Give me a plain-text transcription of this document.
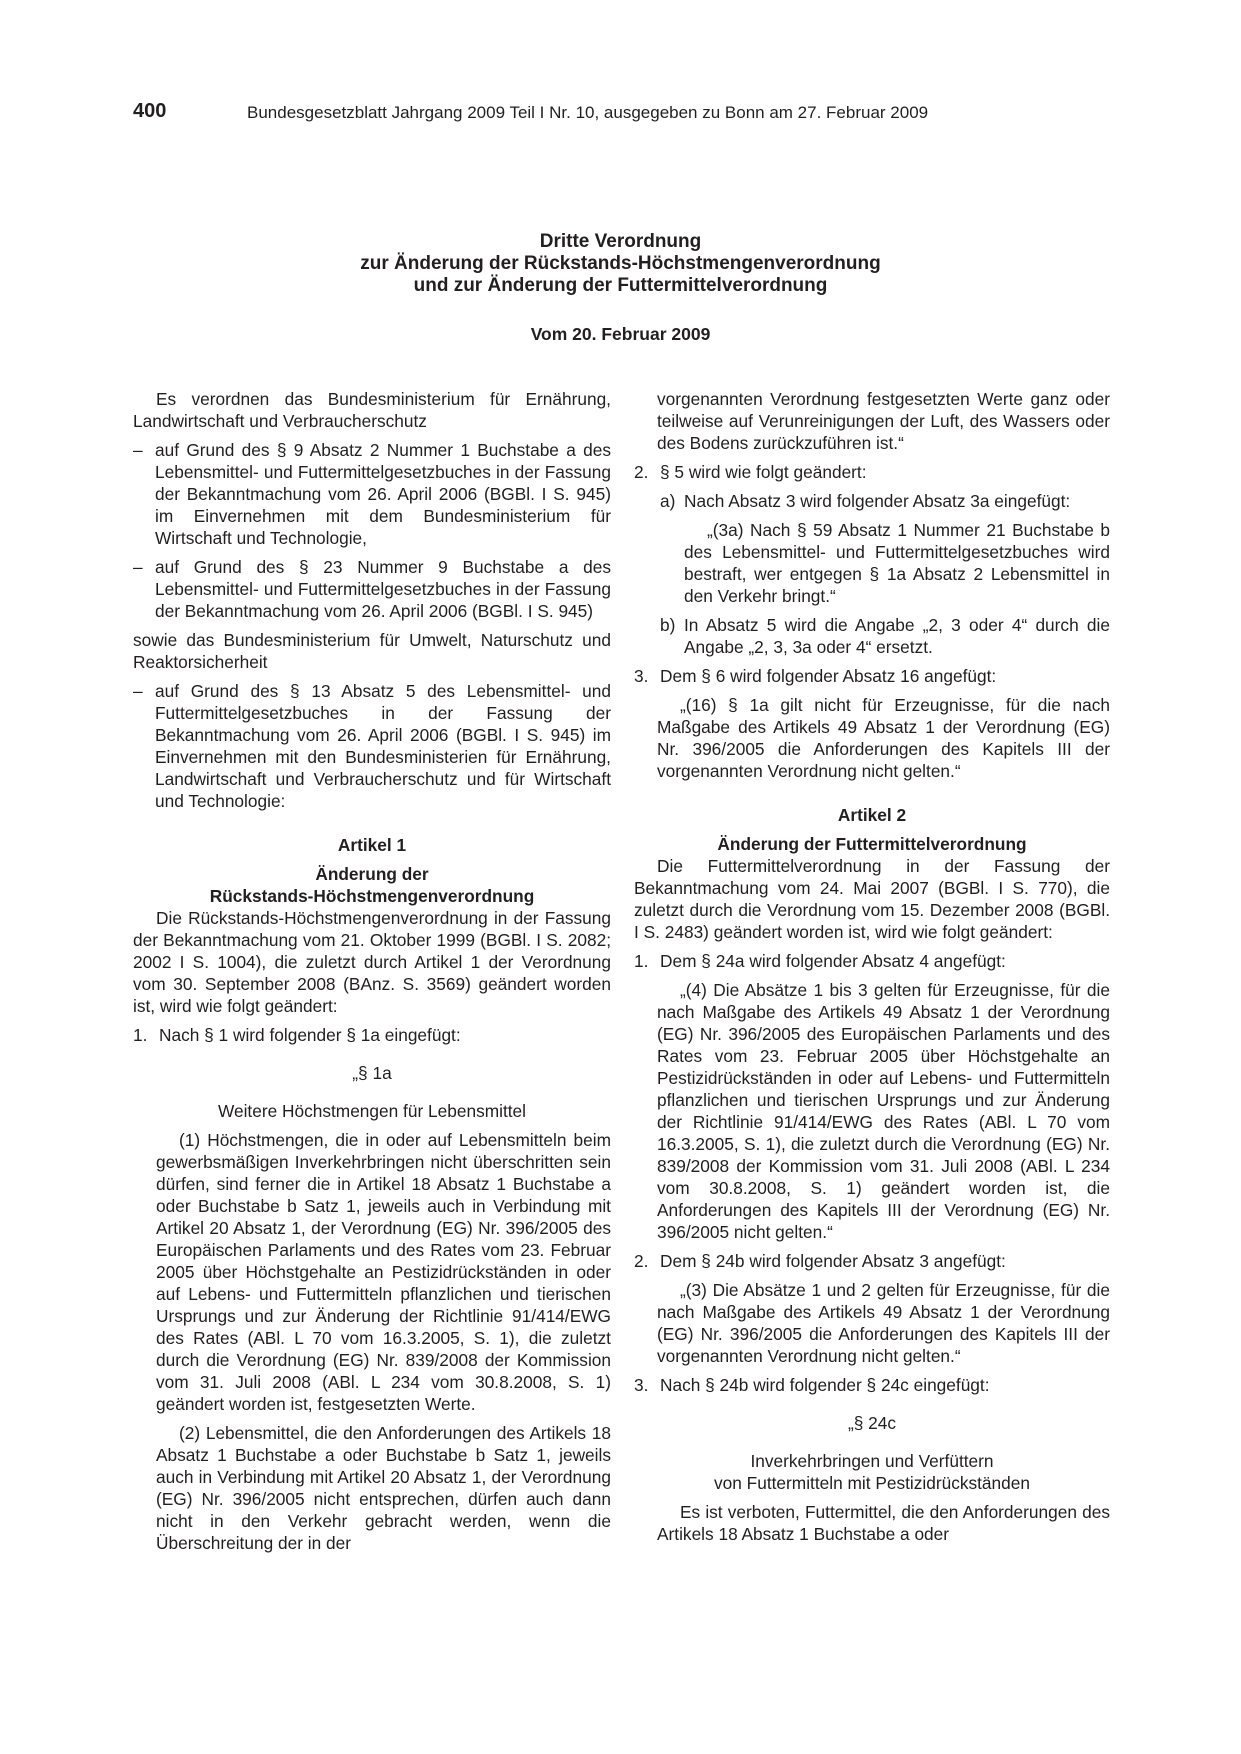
400	Bundesgesetzblatt Jahrgang 2009 Teil I Nr. 10, ausgegeben zu Bonn am 27. Februar 2009
Dritte Verordnung
zur Änderung der Rückstands-Höchstmengenverordnung
und zur Änderung der Futtermittelverordnung
Vom 20. Februar 2009

Es verordnen das Bundesministerium für Ernährung, Landwirtschaft und Verbraucherschutz

– auf Grund des § 9 Absatz 2 Nummer 1 Buchstabe a des Lebensmittel- und Futtermittelgesetzbuches in der Fassung der Bekanntmachung vom 26. April 2006 (BGBl. I S. 945) im Einvernehmen mit dem Bundesministerium für Wirtschaft und Technologie,
– auf Grund des § 23 Nummer 9 Buchstabe a des Lebensmittel- und Futtermittelgesetzbuches in der Fassung der Bekanntmachung vom 26. April 2006 (BGBl. I S. 945)

sowie das Bundesministerium für Umwelt, Naturschutz und Reaktorsicherheit

– auf Grund des § 13 Absatz 5 des Lebensmittel- und Futtermittelgesetzbuches in der Fassung der Bekanntmachung vom 26. April 2006 (BGBl. I S. 945) im Einvernehmen mit den Bundesministerien für Ernährung, Landwirtschaft und Verbraucherschutz und für Wirtschaft und Technologie:

Artikel 1

Änderung der

Rückstands-Höchstmengenverordnung

Die Rückstands-Höchstmengenverordnung in der Fassung der Bekanntmachung vom 21. Oktober 1999 (BGBl. I S. 2082; 2002 I S. 1004), die zuletzt durch Artikel 1 der Verordnung vom 30. September 2008 (BAnz. S. 3569) geändert worden ist, wird wie folgt geändert:

1. Nach § 1 wird folgender § 1a eingefügt:

„§ 1a

Weitere Höchstmengen für Lebensmittel

(1) Höchstmengen, die in oder auf Lebensmitteln beim gewerbsmäßigen Inverkehrbringen nicht überschritten sein dürfen, sind ferner die in Artikel 18 Absatz 1 Buchstabe a oder Buchstabe b Satz 1, jeweils auch in Verbindung mit Artikel 20 Absatz 1, der Verordnung (EG) Nr. 396/2005 des Europäischen Parlaments und des Rates vom 23. Februar 2005 über Höchstgehalte an Pestizidrückständen in oder auf Lebens- und Futtermitteln pflanzlichen und tierischen Ursprungs und zur Änderung der Richtlinie 91/414/EWG des Rates (ABl. L 70 vom 16.3.2005, S. 1), die zuletzt durch die Verordnung (EG) Nr. 839/2008 der Kommission vom 31. Juli 2008 (ABl. L 234 vom 30.8.2008, S. 1) geändert worden ist, festgesetzten Werte.

(2) Lebensmittel, die den Anforderungen des Artikels 18 Absatz 1 Buchstabe a oder Buchstabe b Satz 1, jeweils auch in Verbindung mit Artikel 20 Absatz 1, der Verordnung (EG) Nr. 396/2005 nicht entsprechen, dürfen auch dann nicht in den Verkehr gebracht werden, wenn die Überschreitung der in der

vorgenannten Verordnung festgesetzten Werte ganz oder teilweise auf Verunreinigungen der Luft, des Wassers oder des Bodens zurückzuführen ist.“

2. § 5 wird wie folgt geändert:
a) Nach Absatz 3 wird folgender Absatz 3a eingefügt:

„(3a) Nach § 59 Absatz 1 Nummer 21 Buchstabe b des Lebensmittel- und Futtermittelgesetzbuches wird bestraft, wer entgegen § 1a Absatz 2 Lebensmittel in den Verkehr bringt.“

b) In Absatz 5 wird die Angabe „2, 3 oder 4“ durch die Angabe „2, 3, 3a oder 4“ ersetzt.
3. Dem § 6 wird folgender Absatz 16 angefügt:

„(16) § 1a gilt nicht für Erzeugnisse, für die nach Maßgabe des Artikels 49 Absatz 1 der Verordnung (EG) Nr. 396/2005 die Anforderungen des Kapitels III der vorgenannten Verordnung nicht gelten.“

Artikel 2

Änderung der Futtermittelverordnung

Die Futtermittelverordnung in der Fassung der Bekanntmachung vom 24. Mai 2007 (BGBl. I S. 770), die zuletzt durch die Verordnung vom 15. Dezember 2008 (BGBl. I S. 2483) geändert worden ist, wird wie folgt geändert:

1. Dem § 24a wird folgender Absatz 4 angefügt:

„(4) Die Absätze 1 bis 3 gelten für Erzeugnisse, für die nach Maßgabe des Artikels 49 Absatz 1 der Verordnung (EG) Nr. 396/2005 des Europäischen Parlaments und des Rates vom 23. Februar 2005 über Höchstgehalte an Pestizidrückständen in oder auf Lebens- und Futtermitteln pflanzlichen und tierischen Ursprungs und zur Änderung der Richtlinie 91/414/EWG des Rates (ABl. L 70 vom 16.3.2005, S. 1), die zuletzt durch die Verordnung (EG) Nr. 839/2008 der Kommission vom 31. Juli 2008 (ABl. L 234 vom 30.8.2008, S. 1) geändert worden ist, die Anforderungen des Kapitels III der Verordnung (EG) Nr. 396/2005 nicht gelten.“

2. Dem § 24b wird folgender Absatz 3 angefügt:

„(3) Die Absätze 1 und 2 gelten für Erzeugnisse, für die nach Maßgabe des Artikels 49 Absatz 1 der Verordnung (EG) Nr. 396/2005 die Anforderungen des Kapitels III der vorgenannten Verordnung nicht gelten.“

3. Nach § 24b wird folgender § 24c eingefügt:

„§ 24c

Inverkehrbringen und Verfüttern

von Futtermitteln mit Pestizidrückständen

Es ist verboten, Futtermittel, die den Anforderungen des Artikels 18 Absatz 1 Buchstabe a oder
